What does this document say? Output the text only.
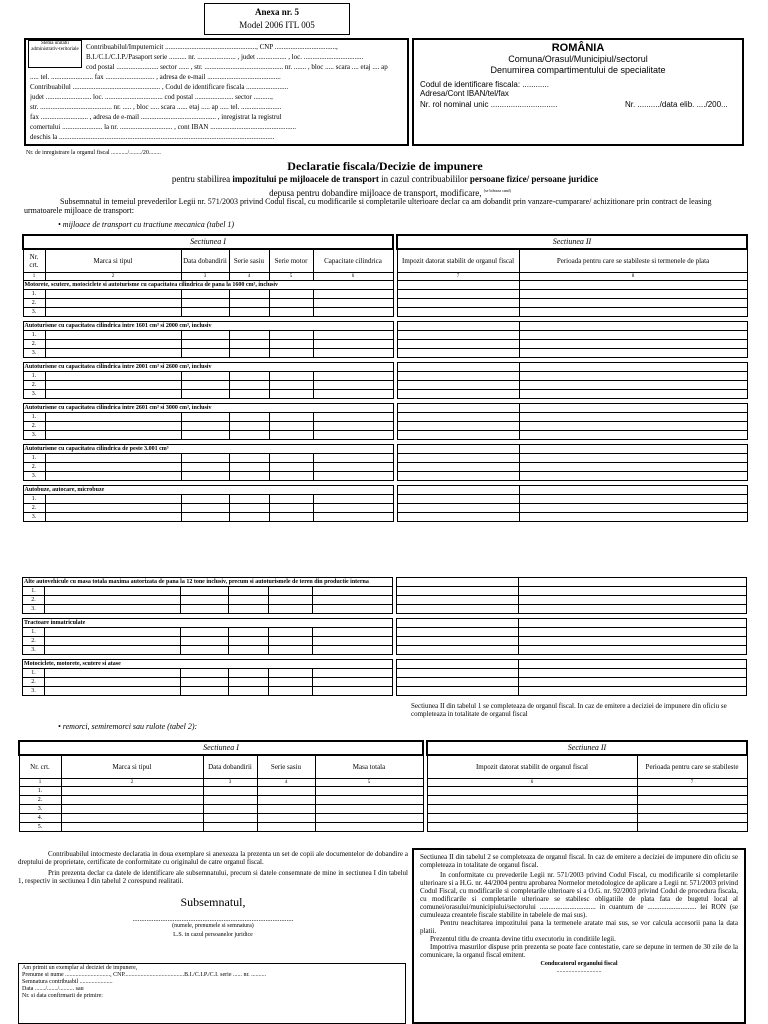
Anexa nr. 5
Model 2006 ITL 005
Contribuabilul/Imputernicit ...................................................., CNP ...................................,
B.I./C.I./C.I.P./Pasaport serie .......... nr. ...................... , judet ................. , loc. ..................................
cod postal ........................ sector ...... , str. ............................................. nr. ....... , bloc ..... scara .... etaj .... ap
..... tel. ........................ fax ............................ , adresa de e-mail ..........................................
Contribuabilul .................................................. , Codul de identificare fiscala ........................
judet .......................... loc. ................................. cod postal ...................... sector ..........,
str. ......................................... nr. ..... , bloc ..... scara ...... etaj ..... ap ..... tel. .......................
fax ........................... , adresa de e-mail ........................................... , inregistrat la registrul
comertului ....................... la nr. .............................. , cont IBAN .................................................
deschis la ...........................................................................................................................
Stema unitatii administrativ-teritoriale	ROMÂNIA
Comuna/Orasul/Municipiul/sectorul
Denumirea compartimentului de specialitate
Codul de identificare fiscala: ............
Adresa/Cont IBAN/tel/fax
Nr. rol nominal unic ..............................	Nr. ........../data elib. ..../200...
Nr. de inregistrare la organul fiscal .........../......../20........
Declaratie fiscala/Decizie de impunere
pentru stabilirea impozitului pe mijloacele de transport in cazul contribuabililor persoane fizice/ persoane juridice
depusa pentru dobandire mijloace de transport, modificare, $^{(se bifeaza cand)}$
Subsemnatul in temeiul prevederilor Legii nr. 571/2003 privind Codul fiscal, cu modificarile si completarile ulterioare declar ca am dobandit prin vanzare-cumparare/ achizitionare prin contract de leasing urmatoarele mijloace de transport:
• mijloace de transport cu tractiune mecanica (tabel 1)
Sectiunea I							Sectiunea II	
Nr. crt.	Marca si tipul	Data dobandirii	Serie sasiu	Serie motor	Capacitate cilindrica		Impozit datorat stabilit de organul fiscal	Perioada pentru care se stabileste si termenele de plata
1	2	3	4	5	6		7	8
Motorete, scutere, motociclete si autoturisme cu capacitatea cilindrica de pana la 1600 cm³, inclusiv								
1.								
2.								
3.								

Autoturisme cu capacitatea cilindrica intre 1601 cm³ si 2000 cm³, inclusiv								
1.								
2.								
3.								

Autoturisme cu capacitatea cilindrica intre 2001 cm³ si 2600 cm³, inclusiv								
1.								
2.								
3.								

Autoturisme cu capacitatea cilindrica intre 2601 cm³ si 3000 cm³, inclusiv								
1.								
2.								
3.								

Autoturisme cu capacitatea cilindrica de peste 3.001 cm³								
1.								
2.								
3.								

Autobuze, autocare, microbuze								
1.								
2.								
3.								

Alte autovehicule cu masa totala maxima autorizata de pana la 12 tone inclusiv, precum si autoturismele de teren din productie interna								
1.								
2.								
3.								

Tractoare inmatriculate								
1.								
2.								
3.								

Motociclete, motorete, scutere si atase								
1.								
2.								
3.								

Sectiunea II din tabelul 1 se completeaza de organul fiscal. In caz de emitere a deciziei de impunere din oficiu se completeaza in totalitate de organul fiscal
• remorci, semiremorci sau rulote (tabel 2):
Sectiunea I						Sectiunea II	
Nr. crt.	Marca si tipul	Data dobandirii	Serie sasiu	Masa totala		Impozit datorat stabilit de organul fiscal	Perioada pentru care se stabileste
1	2	3	4	5		6	7
1.							
2.							
3.							
4.							
5.							
Contribuabilul intocmeste declaratia in doua exemplare si anexeaza la prezenta un set de copii ale documentelor de dobandire a dreptului de proprietate, certificate de conformitate cu originalul de catre organul fiscal.
Prin prezenta declar ca datele de identificare ale subsemnatului, precum si datele consemnate de mine in sectiunea I din tabelul 1, respectiv in sectiunea I din tabelul 2 corespund realitatii.
Subsemnatul,
............................................................................................
(numele, prenumele si semnatura)
L.S. in cazul persoanelor juridice
Am primit un exemplar al deciziei de impunere,
Prenume si nume .............................., CNP........................................B.I./C.I.P./C.I. serie ...... nr. ..........
Semnatura contribuabil ......................
Data ......./......./.......... sau
Nr. si data confirmarii de primire:
Sectiunea II din tabelul 2 se completeaza de organul fiscal. In caz de emitere a deciziei de impunere din oficiu se completeaza in totalitate de organul fiscal.
In conformitate cu prevederile Legii nr. 571/2003 privind Codul Fiscal, cu modificarile si completarile ulterioare si a H.G. nr. 44/2004 pentru aprobarea Normelor metodologice de aplicare a Legii nr. 571/2003 privind Codul Fiscal, cu modificarile si completarile ulterioare si a O.G. nr. 92/2003 privind Codul de procedura fiscala, cu modificarile si completarile ulterioare se stabilesc obligatiile de plata fata de bugetul local al comunei/orasului/municipiului/sectorului ................................ in cuantum de ............................ lei RON (se cumuleaza creantele fiscale stabilite in tabelele de mai sus).
Pentru neachitarea impozitului pana la termenele aratate mai sus, se vor calcula accesorii pana la data platii.
Prezentul titlu de creanta devine titlu executoriu in conditiile legii.
Impotriva masurilor dispuse prin prezenta se poate face contestatie, care se depune in termen de 30 zile de la comunicare, la organul fiscal emitent.
Conducatorul organului fiscal
..............................
